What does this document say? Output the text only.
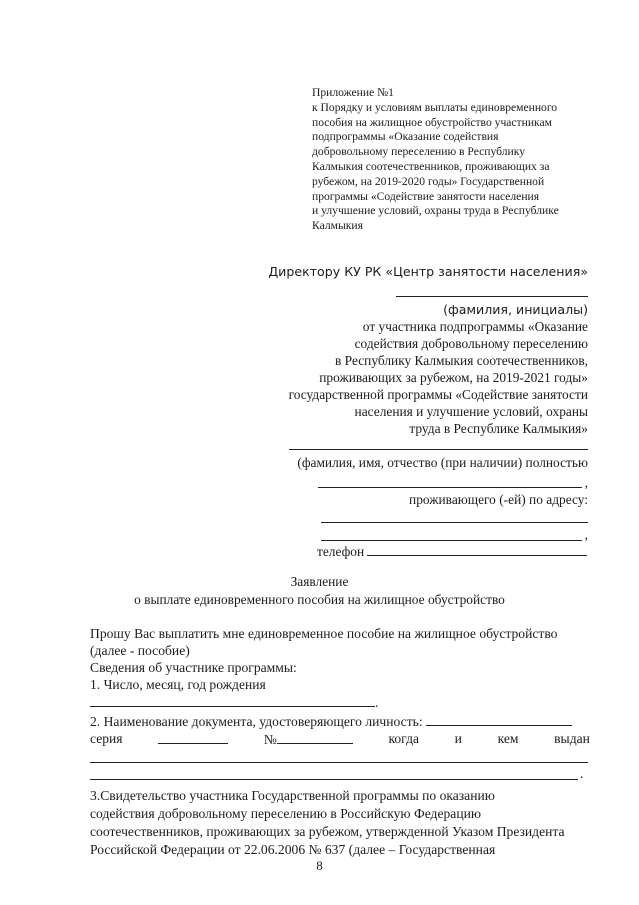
Приложение №1
к Порядку и условиям выплаты единовременного
пособия на жилищное обустройство участникам
подпрограммы «Оказание содействия
добровольному переселению в Республику
Калмыкия соотечественников, проживающих за
рубежом, на 2019-2020 годы» Государственной
программы «Содействие занятости населения
и улучшение условий, охраны труда в Республике
Калмыкия
Директору КУ РК «Центр занятости населения»
(фамилия, инициалы)
от участника подпрограммы «Оказание
содействия добровольному переселению
в Республику Калмыкия соотечественников,
проживающих за рубежом, на 2019-2021 годы»
государственной программы «Содействие занятости
населения и улучшение условий, охраны
труда в Республике Калмыкия»
(фамилия, имя, отчество (при наличии) полностью
,
проживающего (-ей) по адресу:
,
телефон
Заявление
о выплате единовременного пособия на жилищное обустройство
Прошу Вас выплатить мне единовременное пособие на жилищное обустройство
(далее - пособие)
Сведения об участнике программы:
1. Число, месяц, год рождения
.
2. Наименование документа, удостоверяющего личность:
серия	№	когда	и	кем	выдан
.
3.Свидетельство участника Государственной программы по оказанию
содействия добровольному переселению в Российскую Федерацию
соотечественников, проживающих за рубежом, утвержденной Указом Президента
Российской Федерации от 22.06.2006 № 637 (далее – Государственная
8
